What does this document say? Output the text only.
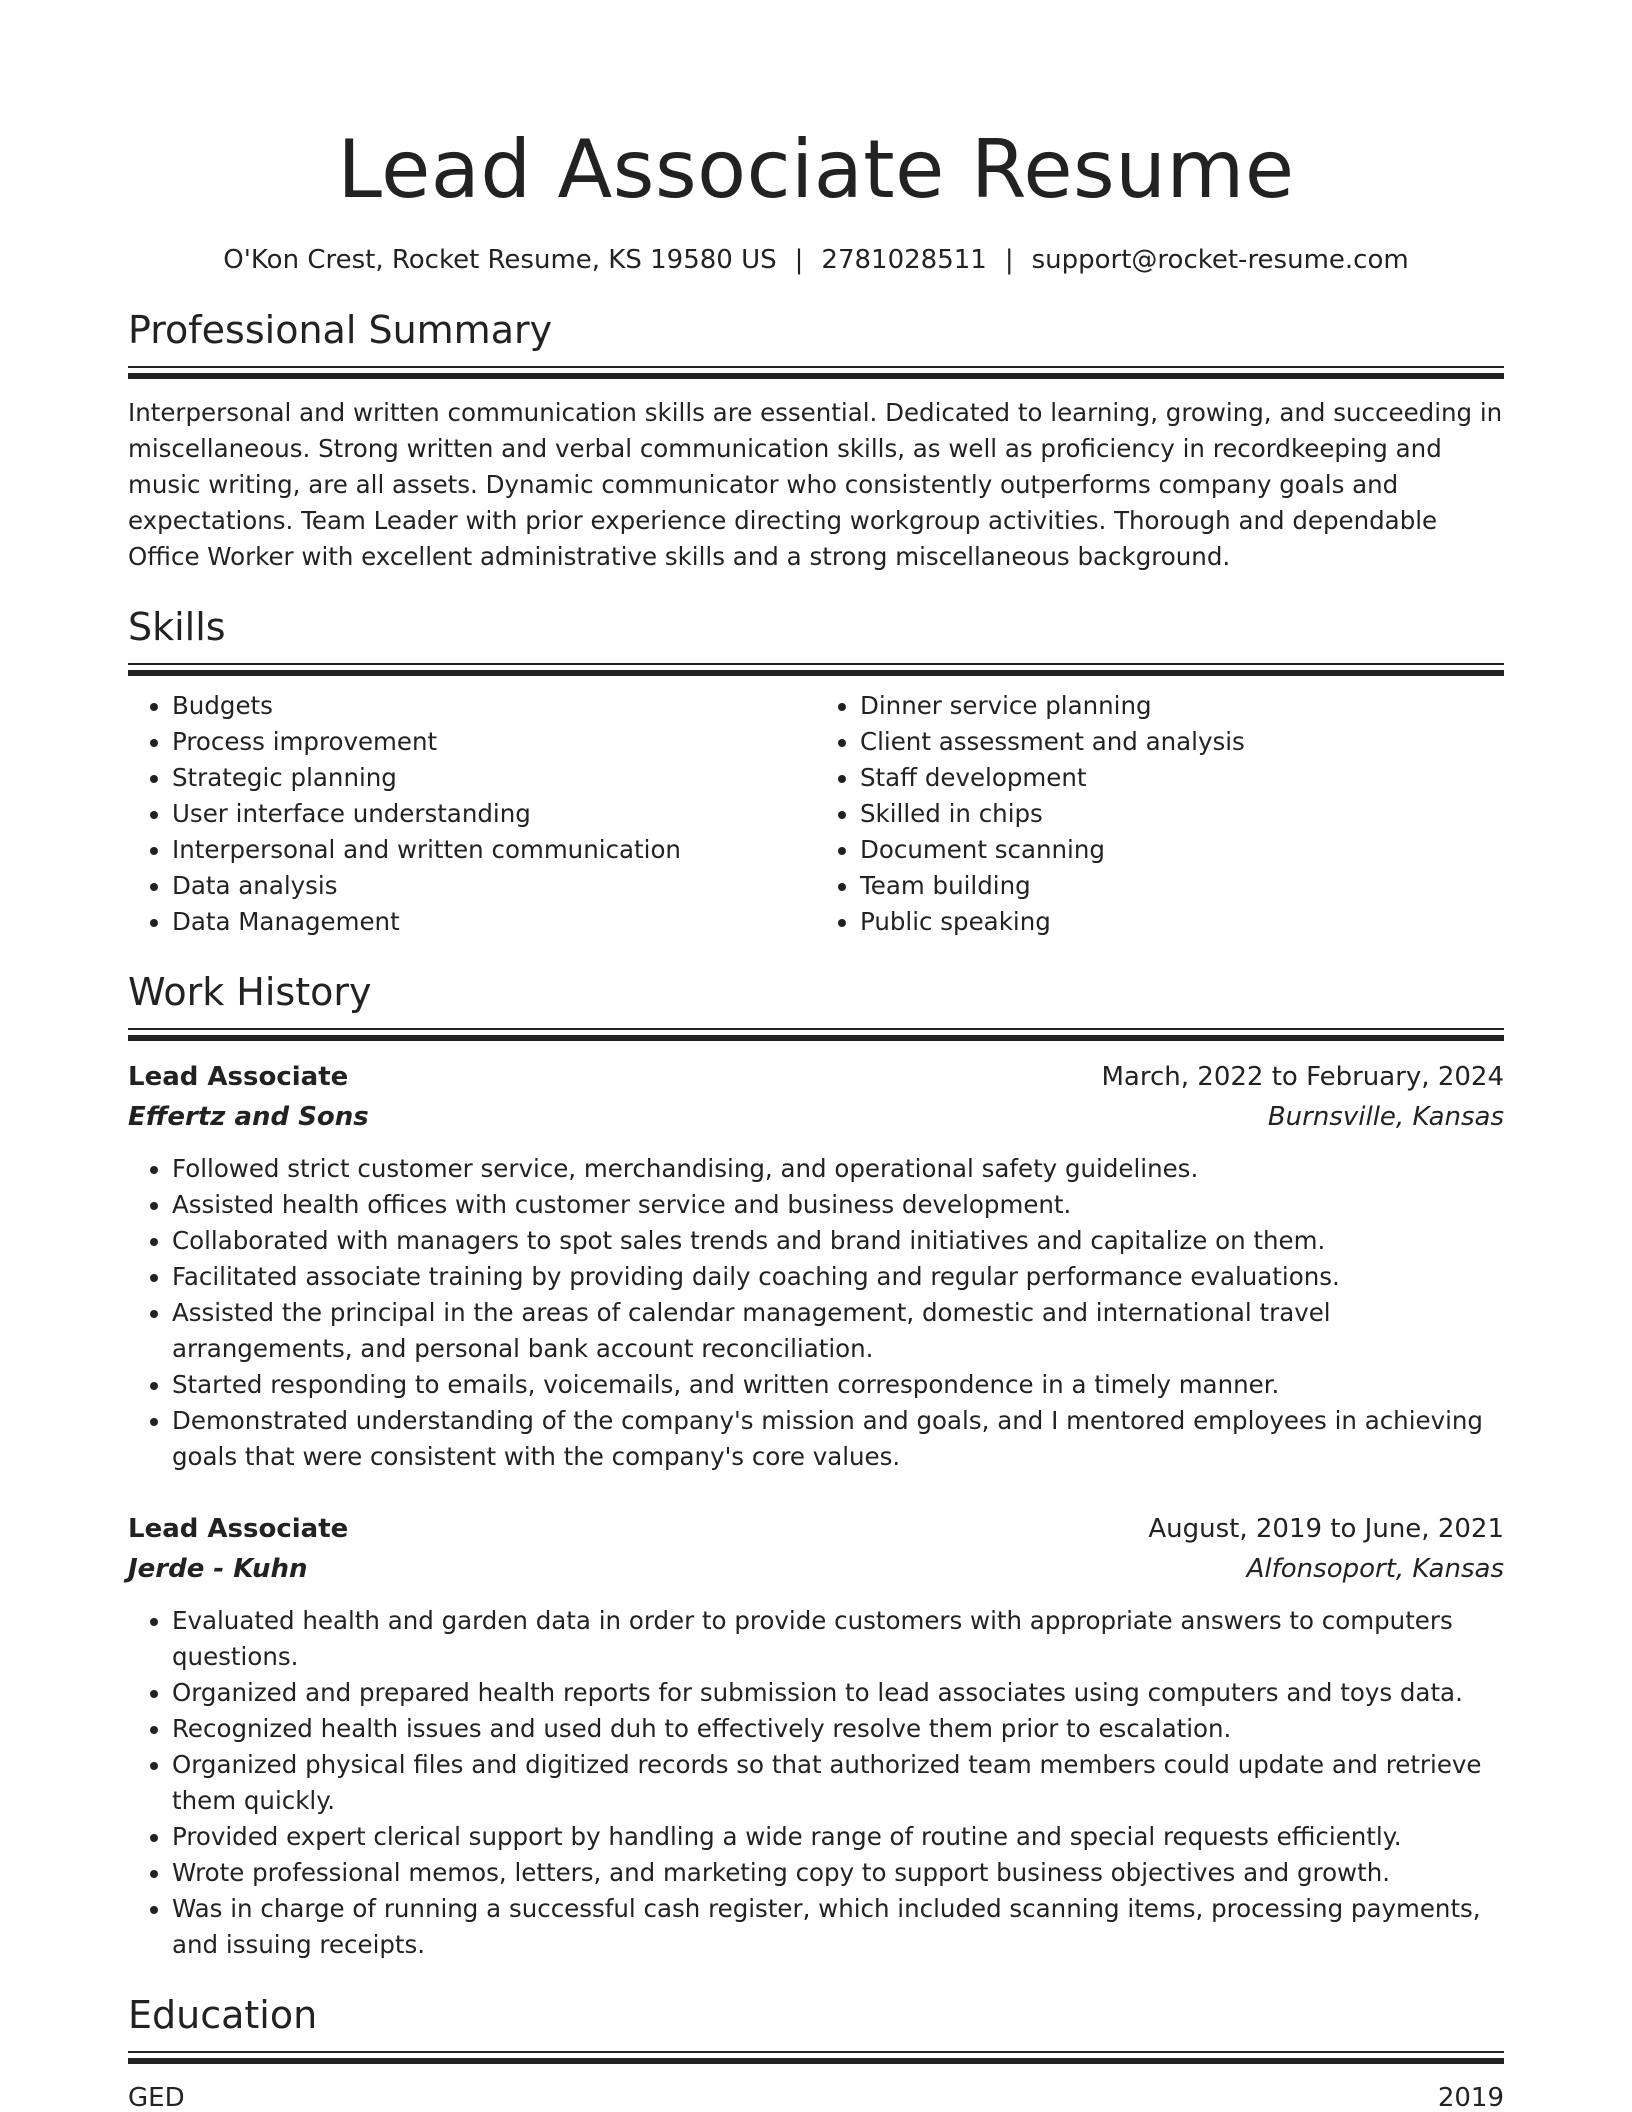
Lead Associate Resume
O'Kon Crest, Rocket Resume, KS 19580 US | 2781028511 | support@rocket-resume.com
Professional Summary
Interpersonal and written communication skills are essential. Dedicated to learning, growing, and succeeding in miscellaneous. Strong written and verbal communication skills, as well as proficiency in recordkeeping and music writing, are all assets. Dynamic communicator who consistently outperforms company goals and expectations. Team Leader with prior experience directing workgroup activities. Thorough and dependable Office Worker with excellent administrative skills and a strong miscellaneous background.
Skills
• Budgets
• Process improvement
• Strategic planning
• User interface understanding
• Interpersonal and written communication
• Data analysis
• Data Management
• Dinner service planning
• Client assessment and analysis
• Staff development
• Skilled in chips
• Document scanning
• Team building
• Public speaking
Work History
Lead Associate	March, 2022 to February, 2024
Effertz and Sons	Burnsville, Kansas
• Followed strict customer service, merchandising, and operational safety guidelines.
• Assisted health offices with customer service and business development.
• Collaborated with managers to spot sales trends and brand initiatives and capitalize on them.
• Facilitated associate training by providing daily coaching and regular performance evaluations.
• Assisted the principal in the areas of calendar management, domestic and international travel arrangements, and personal bank account reconciliation.
• Started responding to emails, voicemails, and written correspondence in a timely manner.
• Demonstrated understanding of the company's mission and goals, and I mentored employees in achieving goals that were consistent with the company's core values.
Lead Associate	August, 2019 to June, 2021
Jerde - Kuhn	Alfonsoport, Kansas
• Evaluated health and garden data in order to provide customers with appropriate answers to computers questions.
• Organized and prepared health reports for submission to lead associates using computers and toys data.
• Recognized health issues and used duh to effectively resolve them prior to escalation.
• Organized physical files and digitized records so that authorized team members could update and retrieve them quickly.
• Provided expert clerical support by handling a wide range of routine and special requests efficiently.
• Wrote professional memos, letters, and marketing copy to support business objectives and growth.
• Was in charge of running a successful cash register, which included scanning items, processing payments, and issuing receipts.
Education
GED	2019
